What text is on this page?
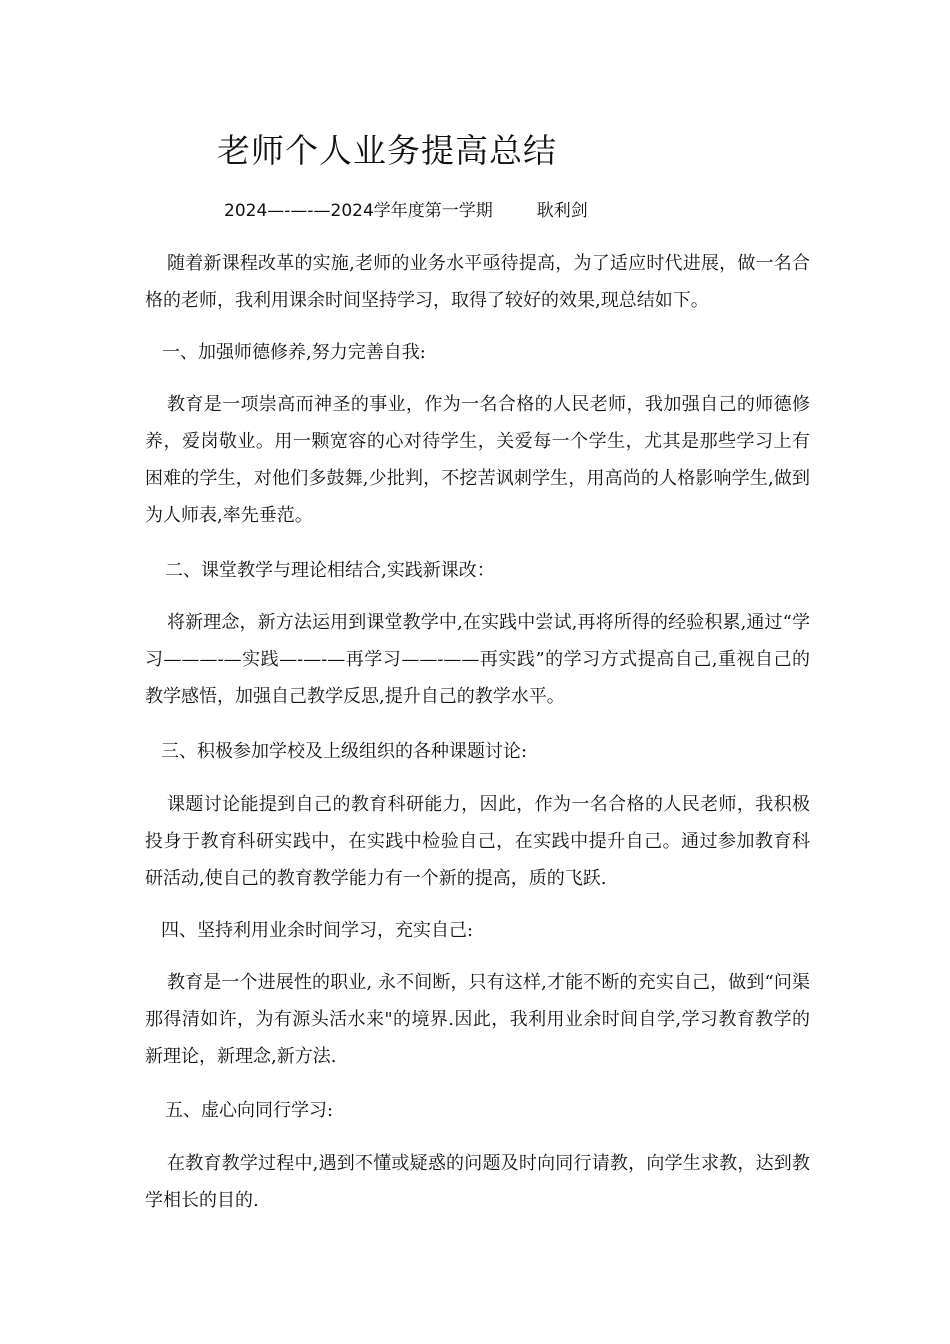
老师个人业务提高总结
2024—-—-—2024学年度第一学期	耿利剑

随着新课程改革的实施,老师的业务水平亟待提高，为了适应时代进展，做一名合格的老师，我利用课余时间坚持学习，取得了较好的效果,现总结如下。

一、加强师德修养,努力完善自我:

教育是一项崇高而神圣的事业，作为一名合格的人民老师，我加强自己的师德修养，爱岗敬业。用一颗宽容的心对待学生，关爱每一个学生，尤其是那些学习上有困难的学生，对他们多鼓舞,少批判，不挖苦讽刺学生，用高尚的人格影响学生,做到为人师表,率先垂范。

二、课堂教学与理论相结合,实践新课改：

将新理念，新方法运用到课堂教学中,在实践中尝试,再将所得的经验积累,通过“学习———-—实践—-—-—再学习——-——再实践”的学习方式提高自己,重视自己的教学感悟，加强自己教学反思,提升自己的教学水平。

三、积极参加学校及上级组织的各种课题讨论:

课题讨论能提到自己的教育科研能力，因此，作为一名合格的人民老师，我积极投身于教育科研实践中，在实践中检验自己，在实践中提升自己。通过参加教育科研活动,使自己的教育教学能力有一个新的提高，质的飞跃.

四、坚持利用业余时间学习，充实自己:

教育是一个进展性的职业, 永不间断，只有这样,才能不断的充实自己，做到“问渠那得清如许，为有源头活水来"的境界.因此，我利用业余时间自学,学习教育教学的新理论，新理念,新方法.

五、虚心向同行学习:

在教育教学过程中,遇到不懂或疑惑的问题及时向同行请教，向学生求教，达到教学相长的目的.
